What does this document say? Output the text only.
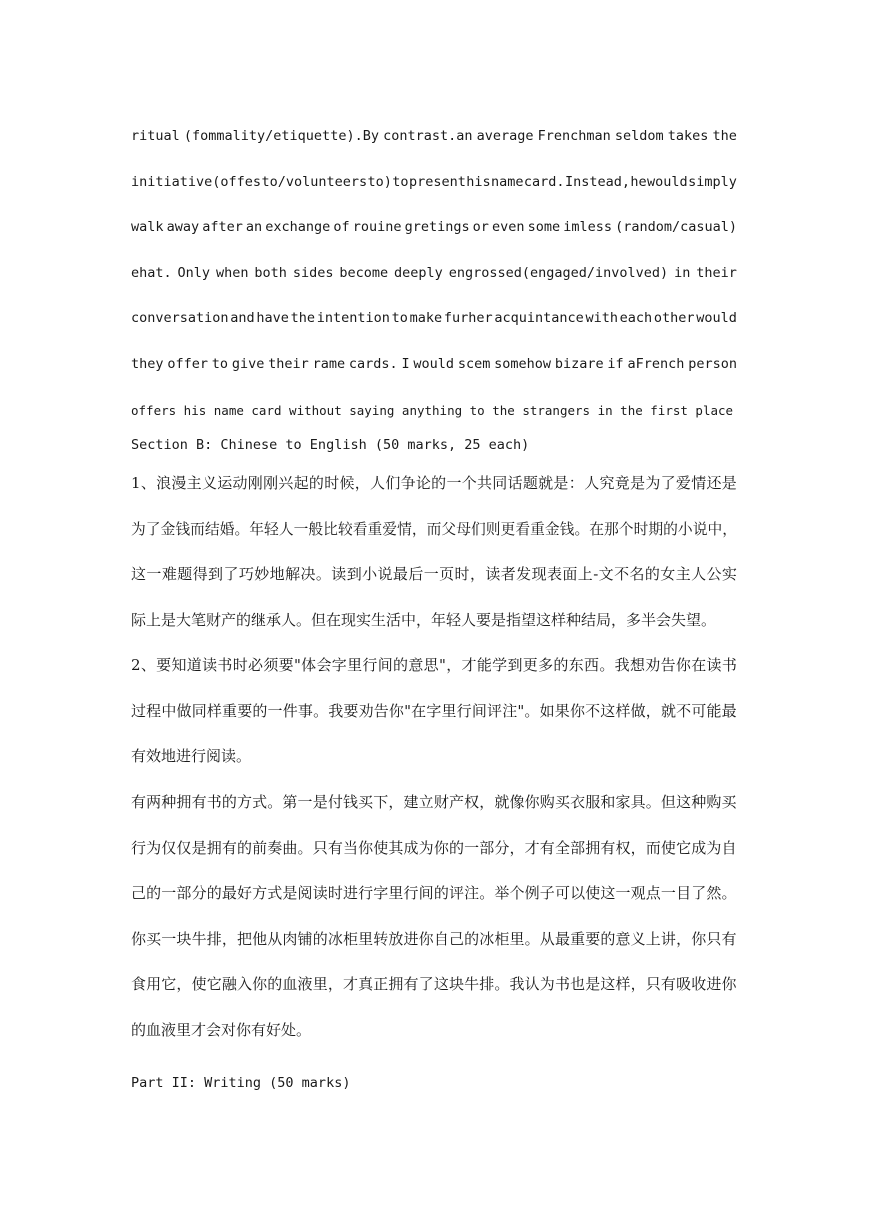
ritual (fommality/etiquette).By contrast.an average Frenchman seldom takes the
initiative(offes to/volunteers to) to present his name card. Instead, he would simply
walk away after an exchange of rouine gretings or even some imless (random/casual)
ehat. Only when both sides become deeply engrossed(engaged/involved) in their
conversation and have the intention to make furher acquintance with each other would
they offer to give their rame cards. I would scem somehow bizare if aFrench person
offers his name card without saying anything to the strangers in the first place
Section B: Chinese to English (50 marks, 25 each)
1 、 浪 漫 主 义 运 动 刚 刚 兴 起 的 时 候 ， 人 们 争 论 的 一 个 共 同 话 题 就 是 ： 人 究 竟 是 为 了 爱 情 还 是
为 了 金 钱 而 结 婚 。 年 轻 人 一 般 比 较 看 重 爱 情 ， 而 父 母 们 则 更 看 重 金 钱 。 在 那 个 时 期 的 小 说 中 ，
这 一 难 题 得 到 了 巧 妙 地 解 决 。 读 到 小 说 最 后 一 页 时 ， 读 者 发 现 表 面 上 - 文 不 名 的 女 主 人 公 实
际上是大笔财产的继承人。但在现实生活中，年轻人要是指望这样种结局，多半会失望。
2 、 要 知 道 读 书 时 必 须 要 " 体 会 字 里 行 间 的 意 思 " ， 才 能 学 到 更 多 的 东 西 。 我 想 劝 告 你 在 读 书
过 程 中 做 同 样 重 要 的 一 件 事 。 我 要 劝 告 你 " 在 字 里 行 间 评 注 " 。 如 果 你 不 这 样 做 ， 就 不 可 能 最
有效地进行阅读。
有 两 种 拥 有 书 的 方 式 。 第 一 是 付 钱 买 下 ， 建 立 财 产 权 ， 就 像 你 购 买 衣 服 和 家 具 。 但 这 种 购 买
行 为 仅 仅 是 拥 有 的 前 奏 曲 。 只 有 当 你 使 其 成 为 你 的 一 部 分 ， 才 有 全 部 拥 有 权 ， 而 使 它 成 为 自
己 的 一 部 分 的 最 好 方 式 是 阅 读 时 进 行 字 里 行 间 的 评 注 。 举 个 例 子 可 以 使 这 一 观 点 一 目 了 然 。
你 买 一 块 牛 排 ， 把 他 从 肉 铺 的 冰 柜 里 转 放 进 你 自 己 的 冰 柜 里 。 从 最 重 要 的 意 义 上 讲 ， 你 只 有
食 用 它 ， 使 它 融 入 你 的 血 液 里 ， 才 真 正 拥 有 了 这 块 牛 排 。 我 认 为 书 也 是 这 样 ， 只 有 吸 收 进 你
的血液里才会对你有好处。
Part II: Writing (50 marks)
